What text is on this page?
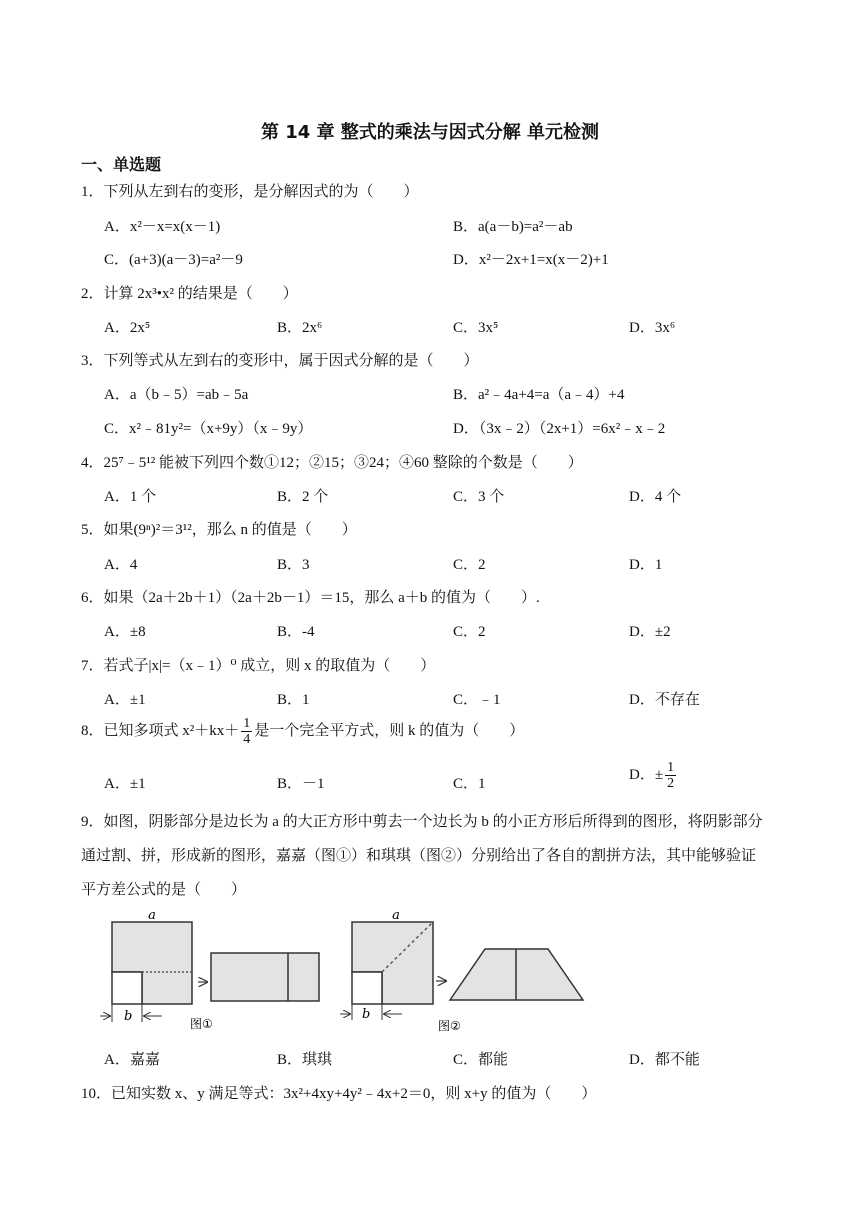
第 14 章 整式的乘法与因式分解 单元检测
一、单选题
1．下列从左到右的变形，是分解因式的为（　　）
A．x²－x=x(x－1)	B．a(a－b)=a²－ab
C．(a+3)(a－3)=a²－9	D．x²－2x+1=x(x－2)+1
2．计算 2x³•x² 的结果是（　　）
A．2x⁵	B．2x⁶	C．3x⁵	D．3x⁶
3．下列等式从左到右的变形中，属于因式分解的是（　　）
A．a（b﹣5）=ab﹣5a	B．a²﹣4a+4=a（a﹣4）+4
C．x²﹣81y²=（x+9y）（x﹣9y）	D．（3x﹣2）（2x+1）=6x²﹣x﹣2
4．25⁷﹣5¹² 能被下列四个数①12；②15；③24；④60 整除的个数是（　　）
A．1 个	B．2 个	C．3 个	D．4 个
5．如果(9ⁿ)²＝3¹²，那么 n 的值是（　　）
A．4	B．3	C．2	D．1
6．如果（2a＋2b＋1）（2a＋2b－1）＝15，那么 a＋b 的值为（　　）.
A．±8	B．-4	C．2	D．±2
7．若式子|x|=（x﹣1）⁰ 成立，则 x 的取值为（　　）
A．±1	B．1	C．﹣1	D．不存在
8．已知多项式 $x^2+kx+ \frac{1}{4}$ 是一个完全平方式，则 k 的值为（　　）
A．±1	B．－1	C．1
D．± $\frac{1}{2}$
9．如图，阴影部分是边长为 a 的大正方形中剪去一个边长为 b 的小正方形后所得到的图形，将阴影部分
通过割、拼，形成新的图形，嘉嘉（图①）和琪琪（图②）分别给出了各自的割拼方法，其中能够验证
平方差公式的是（　　）
a
b	图①
a
b
图②
A．嘉嘉	B．琪琪	C．都能	D．都不能
10．已知实数 x、y 满足等式：3x²+4xy+4y²﹣4x+2＝0，则 x+y 的值为（　　）
